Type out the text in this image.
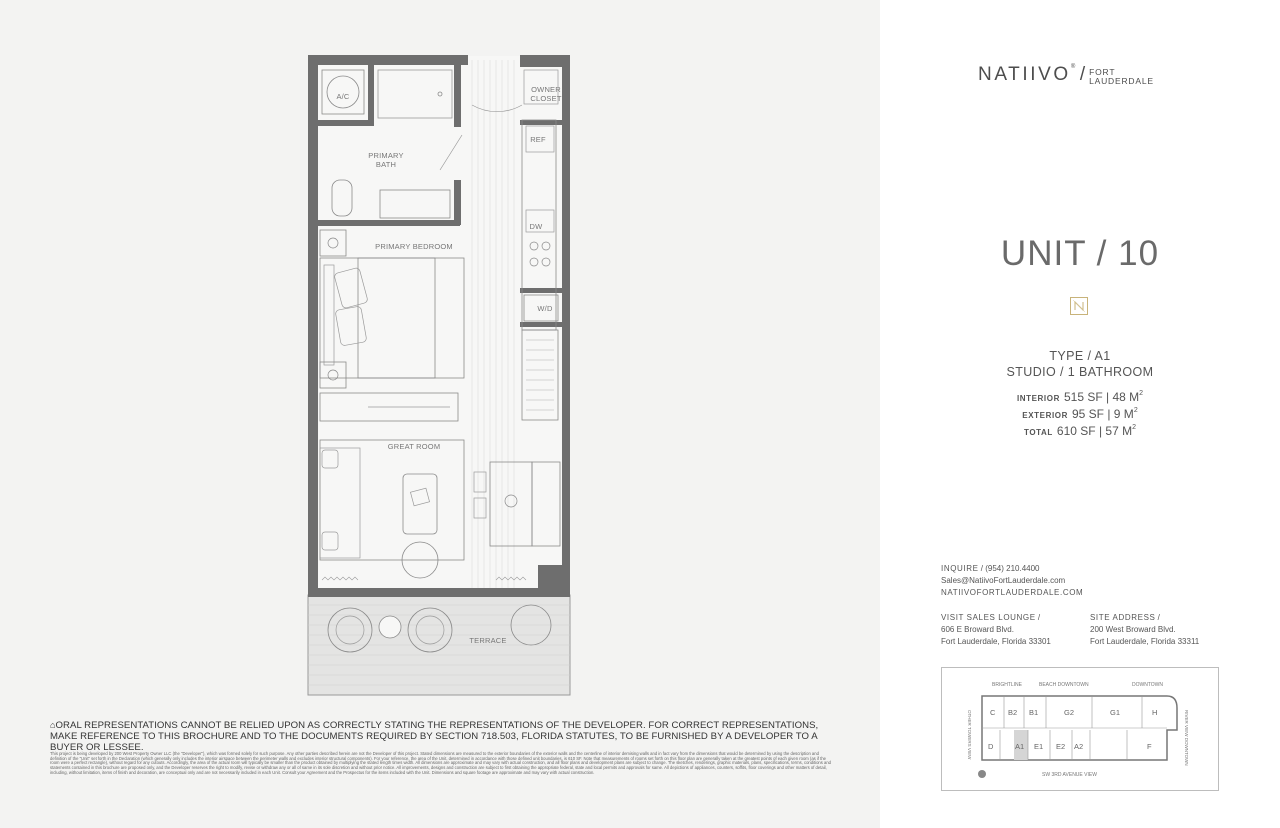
A/C
OWNER CLOSET
REF
PRIMARY BATH
DW
PRIMARY BEDROOM
W/D
GREAT ROOM
TERRACE
⌂ORAL REPRESENTATIONS CANNOT BE RELIED UPON AS CORRECTLY STATING THE REPRESENTATIONS OF THE DEVELOPER. FOR CORRECT REPRESENTATIONS, MAKE REFERENCE TO THIS BROCHURE AND TO THE DOCUMENTS REQUIRED BY SECTION 718.503, FLORIDA STATUTES, TO BE FURNISHED BY A DEVELOPER TO A BUYER OR LESSEE.
This project is being developed by 200 West Property Owner LLC (the "Developer"), which was formed solely for such purpose. Any other parties described herein are not the Developer of this project. Stated dimensions are measured to the exterior boundaries of the exterior walls and the centerline of interior demising walls and in fact vary from the dimensions that would be determined by using the description and definition of the "Unit" set forth in the Declaration (which generally only includes the interior airspace between the perimeter walls and excludes interior structural components). For your reference, the area of the Unit, determined in accordance with those defined unit boundaries, is 610 SF. Note that measurements of rooms set forth on this floor plan are generally taken at the greatest points of each given room (as if the room were a perfect rectangle), without regard for any cutouts. Accordingly, the area of the actual room will typically be smaller than the product obtained by multiplying the stated length times width. All dimensions are approximate and may vary with actual construction, and all floor plans and development plans are subject to change. The sketches, renderings, graphic materials, plans, specifications, terms, conditions and statements contained in this brochure are proposed only, and the Developer reserves the right to modify, revise or withdraw any or all of same in its sole discretion and without prior notice. All improvements, designs and construction are subject to first obtaining the appropriate federal, state and local permits and approvals for same. All depictions of appliances, counters, soffits, floor coverings and other matters of detail, including, without limitation, items of finish and decoration, are conceptual only and are not necessarily included in each Unit. Consult your Agreement and the Prospectus for the items included with the Unit. Dimensions and square footage are approximate and may vary with actual construction.
NATIIVO® / FORT
LAUDERDALE
UNIT / 10
TYPE / A1
STUDIO / 1 BATHROOM
INTERIOR 515 SF | 48 $M^2$
EXTERIOR 95 SF | 9 $M^2$
TOTAL 610 SF | 57 $M^2$
INQUIRE / (954) 210.4400
Sales@NatiivoFortLauderdale.com
NATIIVOFORTLAUDERDALE.COM
VISIT SALES LOUNGE /
606 E Broward Blvd.
Fort Lauderdale, Florida 33301
SITE ADDRESS /
200 West Broward Blvd.
Fort Lauderdale, Florida 33311
BRIGHTLINE	BEACH DOWNTOWN	DOWNTOWN
SW 3RD AVENUE VIEW
C B2 B1	G2	G1	H
D	A1 E1 E2 A2	F
OTHER TOWERS VIEW	RIVER VIEW DOWNTOWN
